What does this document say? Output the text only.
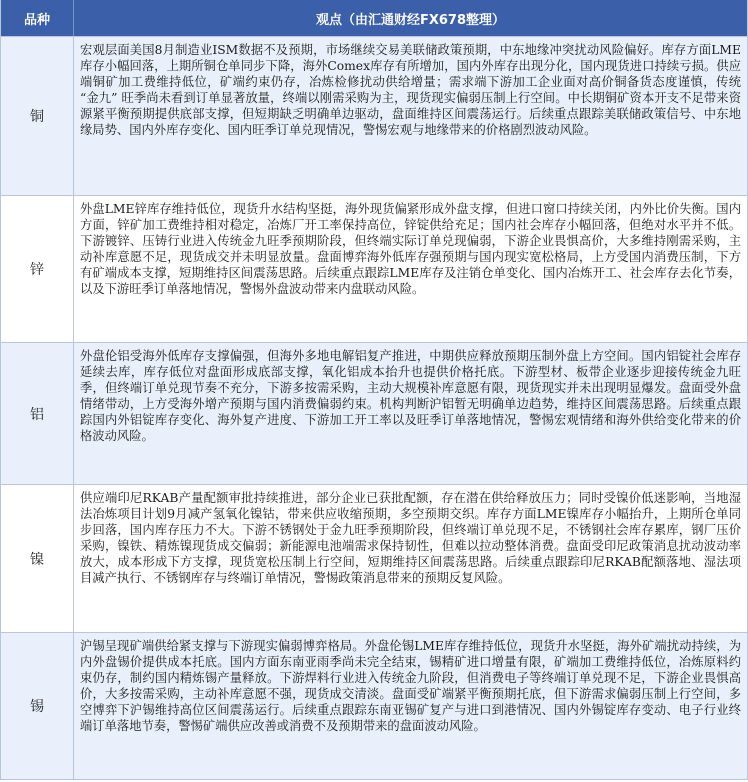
品种	观点（由汇通财经FX678整理）
铜
宏观层面美国8月制造业ISM数据不及预期，市场继续交易美联储政策预期，中东地缘冲突扰动风险偏好。库存方面LME库存小幅回落，上期所铜仓单同步下降，海外Comex库存有所增加，国内外库存出现分化，国内现货进口持续亏损。供应端铜矿加工费维持低位，矿端约束仍存，冶炼检修扰动供给增量；需求端下游加工企业面对高价铜备货态度谨慎，传统 “金九” 旺季尚未看到订单显著放量，终端以刚需采购为主，现货现实偏弱压制上行空间。中长期铜矿资本开支不足带来资源紧平衡预期提供底部支撑，但短期缺乏明确单边驱动，盘面维持区间震荡运行。后续重点跟踪美联储政策信号、中东地缘局势、国内外库存变化、国内旺季订单兑现情况，警惕宏观与地缘带来的价格剧烈波动风险。
锌
外盘LME锌库存维持低位，现货升水结构坚挺，海外现货偏紧形成外盘支撑，但进口窗口持续关闭，内外比价失衡。国内方面，锌矿加工费维持相对稳定，冶炼厂开工率保持高位，锌锭供给充足；国内社会库存小幅回落，但绝对水平并不低。下游镀锌、压铸行业进入传统金九旺季预期阶段，但终端实际订单兑现偏弱，下游企业畏惧高价，大多维持刚需采购，主动补库意愿不足，现货成交并未明显放量。盘面博弈海外低库存强预期与国内现实宽松格局，上方受国内消费压制，下方有矿端成本支撑，短期维持区间震荡思路。后续重点跟踪LME库存及注销仓单变化、国内冶炼开工、社会库存去化节奏，以及下游旺季订单落地情况，警惕外盘波动带来内盘联动风险。
铝
外盘伦铝受海外低库存支撑偏强，但海外多地电解铝复产推进，中期供应释放预期压制外盘上方空间。国内铝锭社会库存延续去库，库存低位对盘面形成底部支撑，氧化铝成本抬升也提供价格托底。下游型材、板带企业逐步迎接传统金九旺季，但终端订单兑现节奏不充分，下游多按需采购，主动大规模补库意愿有限，现货现实并未出现明显爆发。盘面受外盘情绪带动，上方受海外增产预期与国内消费偏弱约束。机构判断沪铝暂无明确单边趋势，维持区间震荡思路。后续重点跟踪国内外铝锭库存变化、海外复产进度、下游加工开工率以及旺季订单落地情况，警惕宏观情绪和海外供给变化带来的价格波动风险。
镍
供应端印尼RKAB产量配额审批持续推进，部分企业已获批配额，存在潜在供给释放压力；同时受镍价低迷影响，当地湿法冶炼项目计划9月减产氢氧化镍钴，带来供应收缩预期，多空预期交织。库存方面LME镍库存小幅抬升，上期所仓单同步回落，国内库存压力不大。下游不锈钢处于金九旺季预期阶段，但终端订单兑现不足，不锈钢社会库存累库，钢厂压价采购，镍铁、精炼镍现货成交偏弱；新能源电池端需求保持韧性，但难以拉动整体消费。盘面受印尼政策消息扰动波动率放大，成本形成下方支撑，现货宽松压制上行空间，短期维持区间震荡思路。后续重点跟踪印尼RKAB配额落地、湿法项目减产执行、不锈钢库存与终端订单情况，警惕政策消息带来的预期反复风险。
锡
沪锡呈现矿端供给紧支撑与下游现实偏弱博弈格局。外盘伦锡LME库存维持低位，现货升水坚挺，海外矿端扰动持续，为内外盘锡价提供成本托底。国内方面东南亚雨季尚未完全结束，锡精矿进口增量有限，矿端加工费维持低位，冶炼原料约束仍存，制约国内精炼锡产量释放。下游焊料行业进入传统金九阶段，但消费电子等终端订单兑现不足，下游企业畏惧高价，大多按需采购，主动补库意愿不强，现货成交清淡。盘面受矿端紧平衡预期托底，但下游需求偏弱压制上行空间，多空博弈下沪锡维持高位区间震荡运行。后续重点跟踪东南亚锡矿复产与进口到港情况、国内外锡锭库存变动、电子行业终端订单落地节奏，警惕矿端供应改善或消费不及预期带来的盘面波动风险。
